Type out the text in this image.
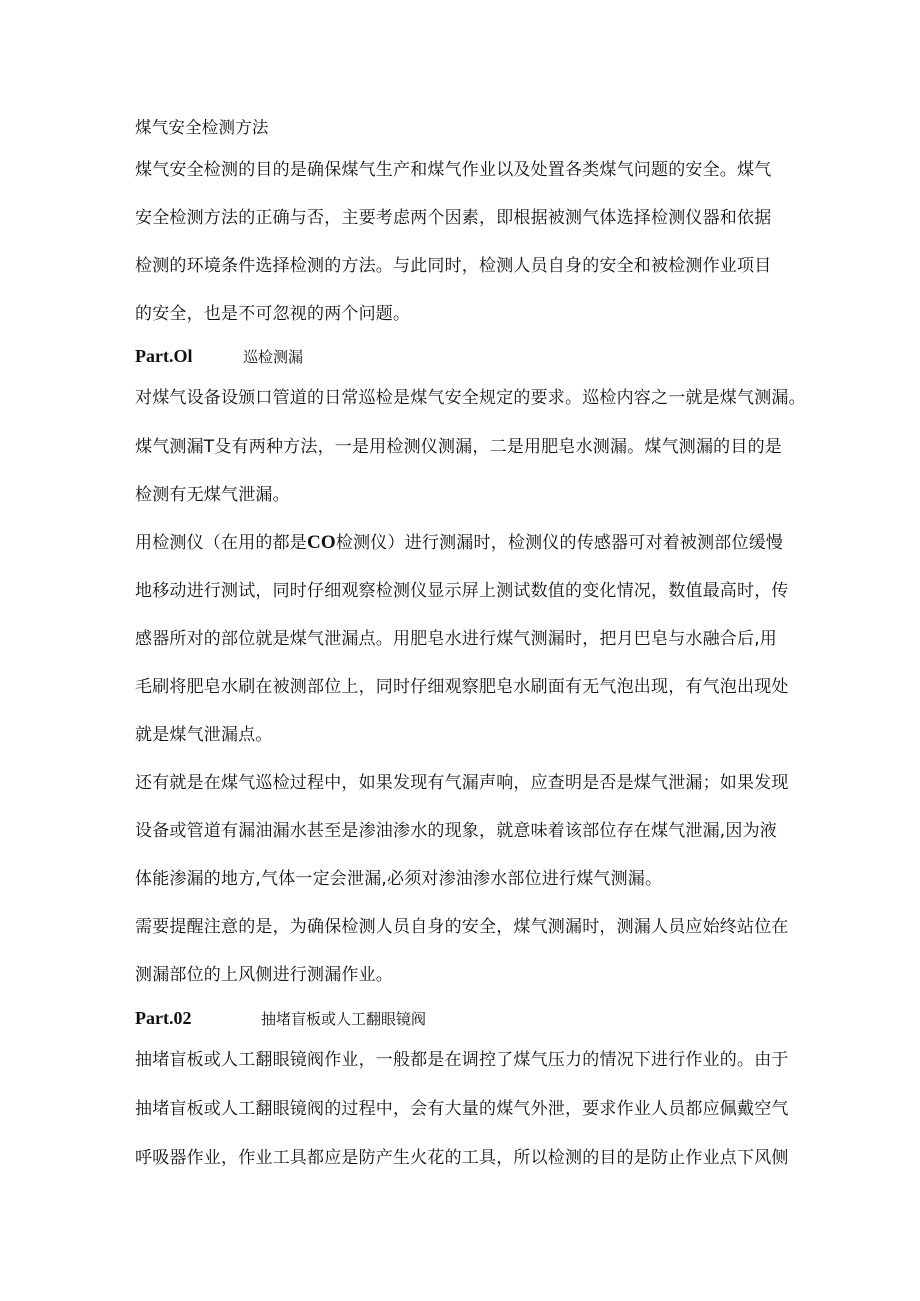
煤气安全检测方法
煤气安全检测的目的是确保煤气生产和煤气作业以及处置各类煤气问题的安全。煤气
安全检测方法的正确与否，主要考虑两个因素，即根据被测气体选择检测仪器和依据
检测的环境条件选择检测的方法。与此同时，检测人员自身的安全和被检测作业项目
的安全，也是不可忽视的两个问题。
Part.Ol	巡检测漏
对煤气设备设颁口管道的日常巡检是煤气安全规定的要求。巡检内容之一就是煤气测漏。
煤气测漏T殳有两种方法，一是用检测仪测漏，二是用肥皂水测漏。煤气测漏的目的是
检测有无煤气泄漏。
用检测仪（在用的都是CO检测仪）进行测漏时，检测仪的传感器可对着被测部位缓慢
地移动进行测试，同时仔细观察检测仪显示屏上测试数值的变化情况，数值最高时，传
感器所对的部位就是煤气泄漏点。用肥皂水进行煤气测漏时，把月巴皂与水融合后,用
毛刷将肥皂水刷在被测部位上，同时仔细观察肥皂水刷面有无气泡出现，有气泡出现处
就是煤气泄漏点。
还有就是在煤气巡检过程中，如果发现有气漏声响，应查明是否是煤气泄漏；如果发现
设备或管道有漏油漏水甚至是渗油渗水的现象，就意味着该部位存在煤气泄漏,因为液
体能渗漏的地方,气体一定会泄漏,必须对渗油渗水部位进行煤气测漏。
需要提醒注意的是，为确保检测人员自身的安全，煤气测漏时，测漏人员应始终站位在
测漏部位的上风侧进行测漏作业。
Part.02	抽堵盲板或人工翻眼镜阀
抽堵盲板或人工翻眼镜阀作业，一般都是在调控了煤气压力的情况下进行作业的。由于
抽堵盲板或人工翻眼镜阀的过程中，会有大量的煤气外泄，要求作业人员都应佩戴空气
呼吸器作业，作业工具都应是防产生火花的工具，所以检测的目的是防止作业点下风侧
